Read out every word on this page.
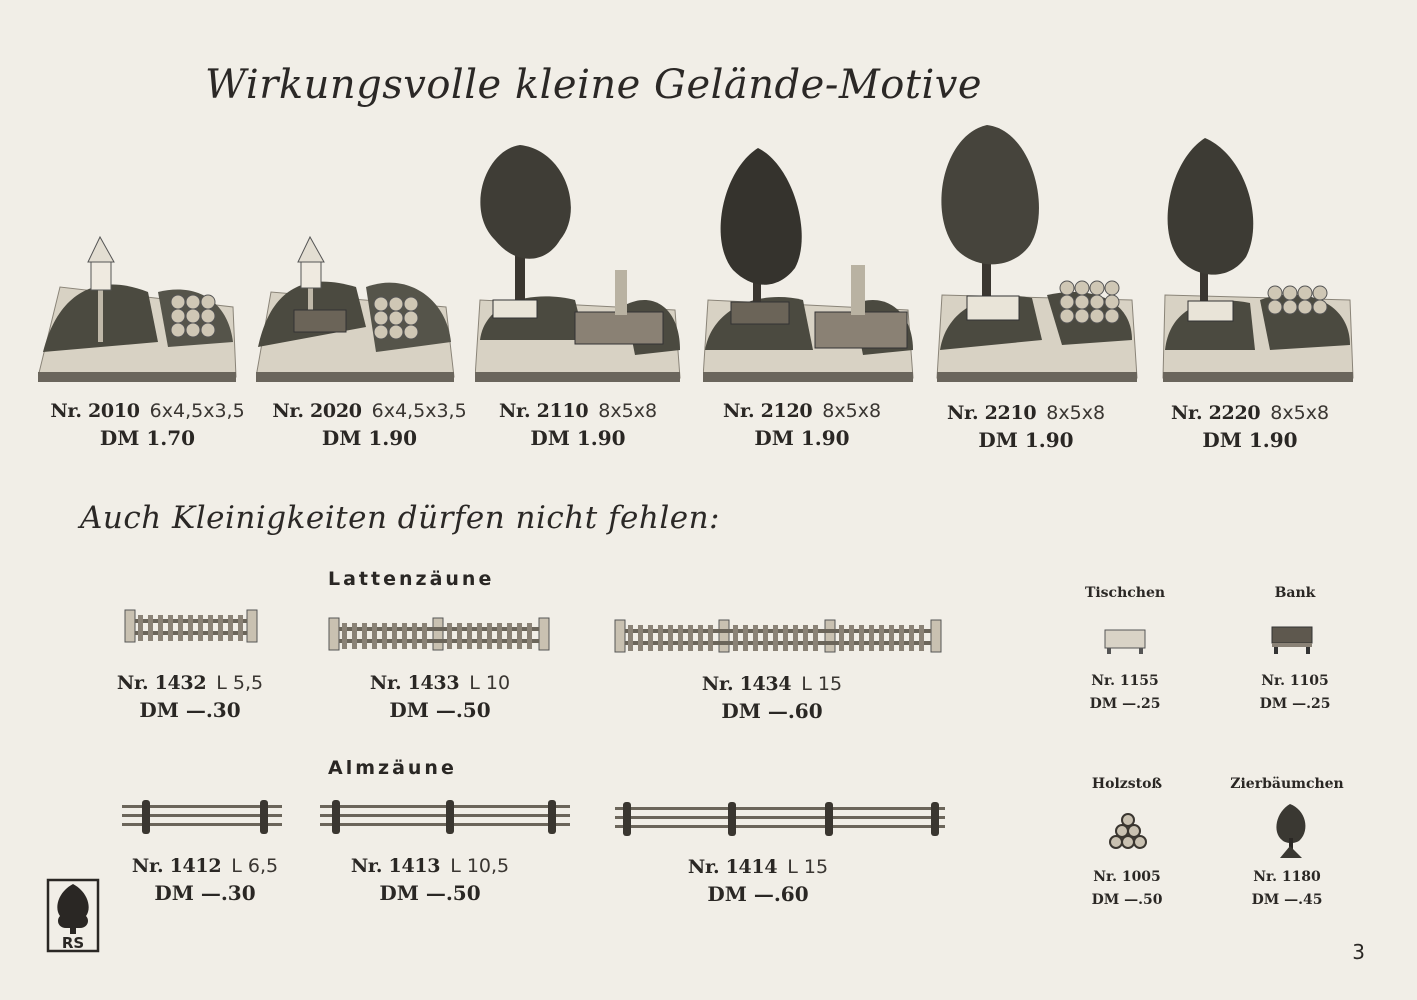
Wirkungsvolle kleine Gelände-Motive
Auch Kleinigkeiten dürfen nicht fehlen:
Nr. 2010 6x4,5x3,5
DM 1.70
Nr. 2020 6x4,5x3,5
DM 1.90
Nr. 2110 8x5x8
DM 1.90
Nr. 2120 8x5x8
DM 1.90
Nr. 2210 8x5x8
DM 1.90
Nr. 2220 8x5x8
DM 1.90
Lattenzäune
Nr. 1432 L 5,5
DM —.30
Nr. 1433 L 10
DM —.50
Nr. 1434 L 15
DM —.60
Almzäune
Nr. 1412 L 6,5
DM —.30
Nr. 1413 L 10,5
DM —.50
Nr. 1414 L 15
DM —.60
Tischchen
Nr. 1155
DM —.25
Bank
Nr. 1105
DM —.25
Holzstoß
Nr. 1005
DM —.50
Zierbäumchen
Nr. 1180
DM —.45
RS	3
